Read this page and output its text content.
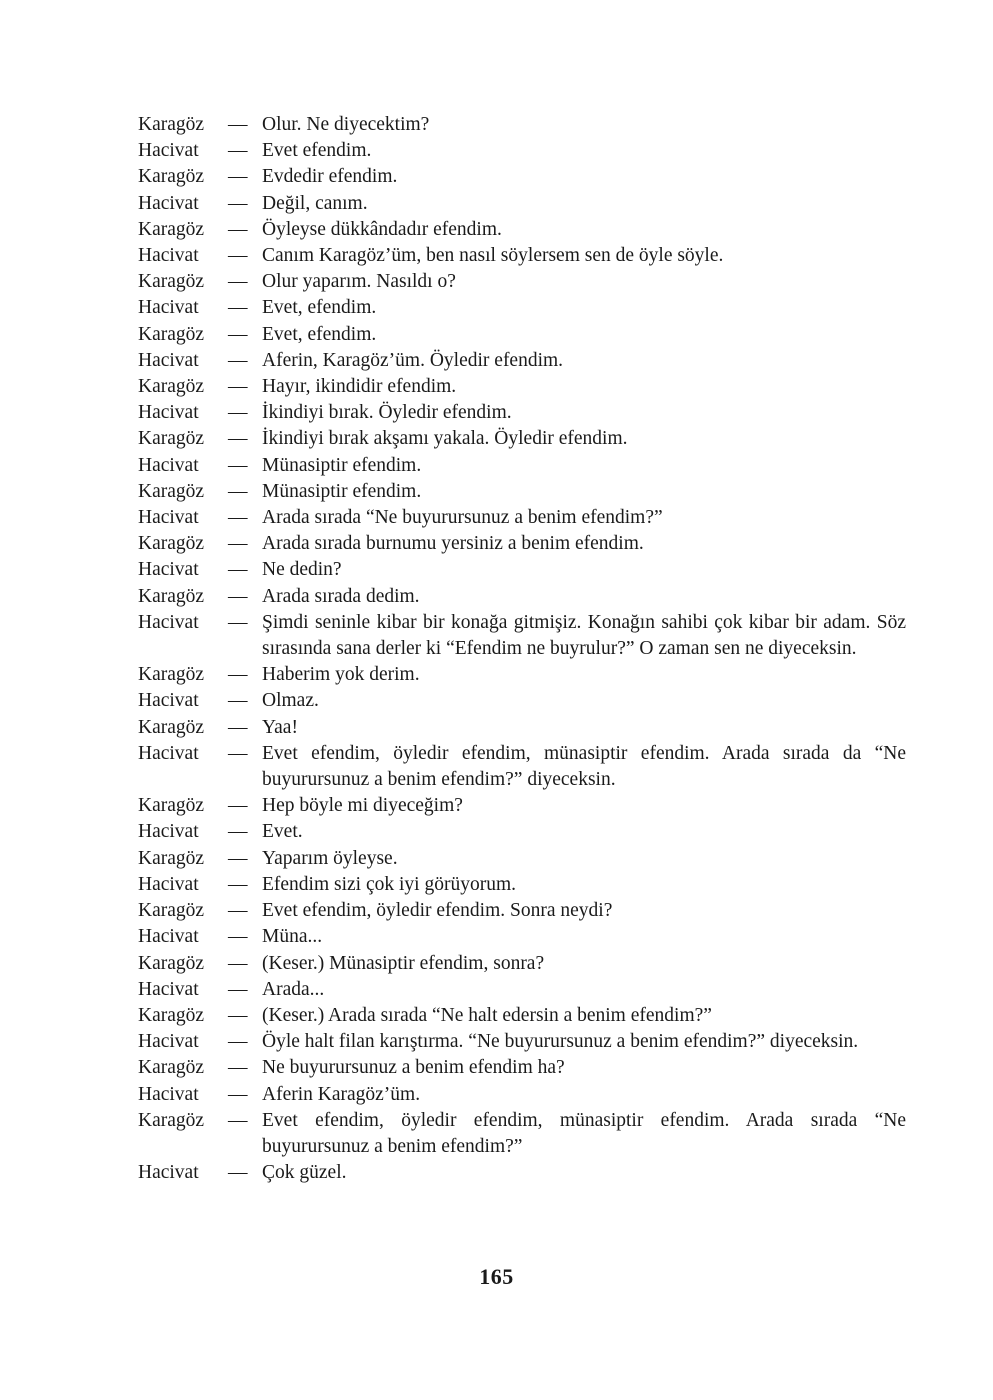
Karagöz	— Olur. Ne diyecektim?
Hacivat	— Evet efendim.
Karagöz	— Evdedir efendim.
Hacivat	— Değil, canım.
Karagöz	— Öyleyse dükkândadır efendim.
Hacivat	— Canım Karagöz’üm, ben nasıl söylersem sen de öyle söyle.
Karagöz	— Olur yaparım. Nasıldı o?
Hacivat	— Evet, efendim.
Karagöz	— Evet, efendim.
Hacivat	— Aferin, Karagöz’üm. Öyledir efendim.
Karagöz	— Hayır, ikindidir efendim.
Hacivat	— İkindiyi bırak. Öyledir efendim.
Karagöz	— İkindiyi bırak akşamı yakala. Öyledir efendim.
Hacivat	— Münasiptir efendim.
Karagöz	— Münasiptir efendim.
Hacivat	— Arada sırada “Ne buyurursunuz a benim efendim?”
Karagöz	— Arada sırada burnumu yersiniz a benim efendim.
Hacivat	— Ne dedin?
Karagöz	— Arada sırada dedim.
Hacivat	— Şimdi seninle kibar bir konağa gitmişiz. Konağın sahibi çok kibar bir adam. Söz sırasında sana derler ki “Efendim ne buyrulur?” O zaman sen ne diyeceksin.
Karagöz	— Haberim yok derim.
Hacivat	— Olmaz.
Karagöz	— Yaa!
Hacivat	— Evet efendim, öyledir efendim, münasiptir efendim. Arada sırada da “Ne buyurursunuz a benim efendim?” diyeceksin.
Karagöz	— Hep böyle mi diyeceğim?
Hacivat	— Evet.
Karagöz	— Yaparım öyleyse.
Hacivat	— Efendim sizi çok iyi görüyorum.
Karagöz	— Evet efendim, öyledir efendim. Sonra neydi?
Hacivat	— Müna...
Karagöz	— (Keser.) Münasiptir efendim, sonra?
Hacivat	— Arada...
Karagöz	— (Keser.) Arada sırada “Ne halt edersin a benim efendim?”
Hacivat	— Öyle halt filan karıştırma. “Ne buyurursunuz a benim efendim?” diyeceksin.
Karagöz	— Ne buyurursunuz a benim efendim ha?
Hacivat	— Aferin Karagöz’üm.
Karagöz	— Evet efendim, öyledir efendim, münasiptir efendim. Arada sırada “Ne buyurursunuz a benim efendim?”
Hacivat	— Çok güzel.
165
